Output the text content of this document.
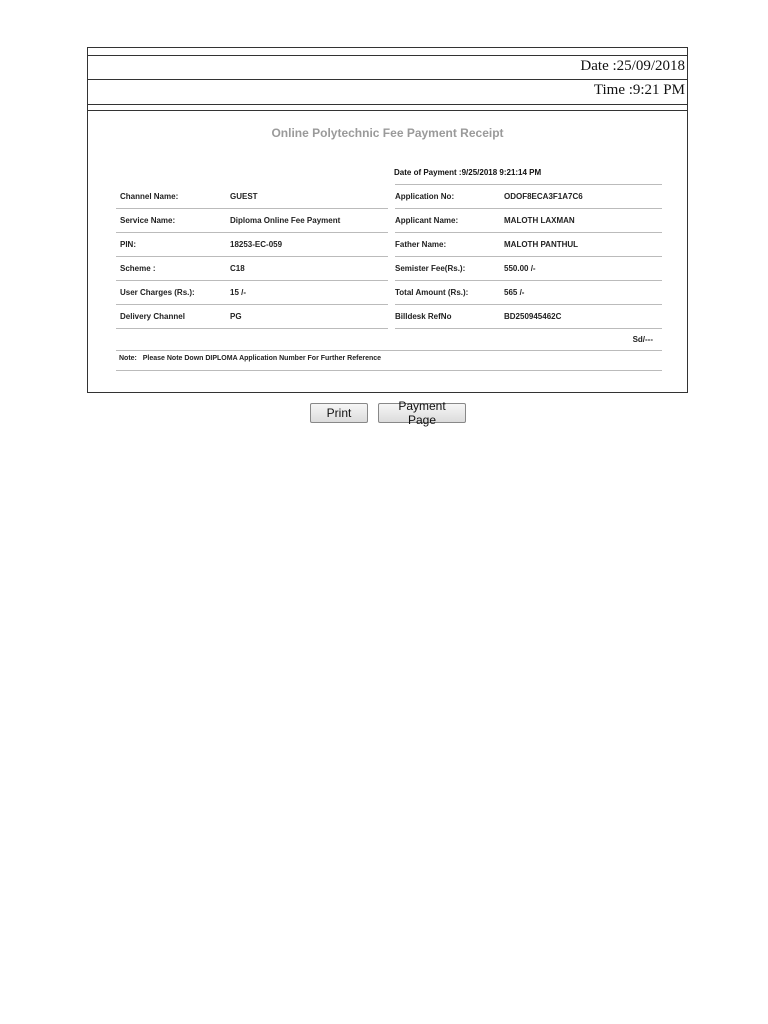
Date :25/09/2018
Time :9:21 PM
Online Polytechnic Fee Payment Receipt
Date of Payment :9/25/2018 9:21:14 PM
Channel Name:	GUEST	Application No:	ODOF8ECA3F1A7C6
Service Name:	Diploma Online Fee Payment	Applicant Name:	MALOTH LAXMAN
PIN:	18253-EC-059	Father Name:	MALOTH PANTHUL
Scheme :	C18	Semister Fee(Rs.):	550.00 /-
User Charges (Rs.):	15 /-	Total Amount (Rs.):	565 /-
Delivery Channel	PG	Billdesk RefNo	BD250945462C
Sd/---
Note: Please Note Down DIPLOMA Application Number For Further Reference
Print	Payment Page
